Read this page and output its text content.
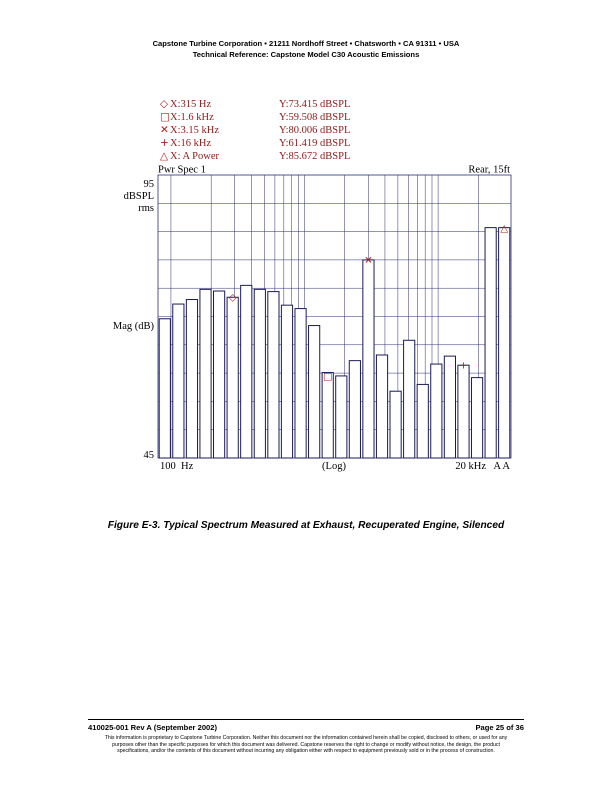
Capstone Turbine Corporation • 21211 Nordhoff Street • Chatsworth • CA 91311 • USA
Technical Reference: Capstone Model C30 Acoustic Emissions
◇ X:315 Hz	Y:73.415 dBSPL
□ X:1.6 kHz	Y:59.508 dBSPL
✕ X:3.15 kHz	Y:80.006 dBSPL
+ X:16 kHz	Y:61.419 dBSPL
△ X: A Power	Y:85.672 dBSPL
Pwr Spec 1	Rear, 15ft
95
dBSPL
rms
Mag (dB)
45
100  Hz	(Log)	20 kHz A A
◇
□
✕
+
△
Figure E-3. Typical Spectrum Measured at Exhaust, Recuperated Engine, Silenced
410025-001 Rev A (September 2002)	Page 25 of 36
This information is proprietary to Capstone Turbine Corporation. Neither this document nor the information contained herein shall be copied, disclosed to others, or used for any
purposes other than the specific purposes for which this document was delivered. Capstone reserves the right to change or modify without notice, the design, the product
specifications, and/or the contents of this document without incurring any obligation either with respect to equipment previously sold or in the process of construction.
